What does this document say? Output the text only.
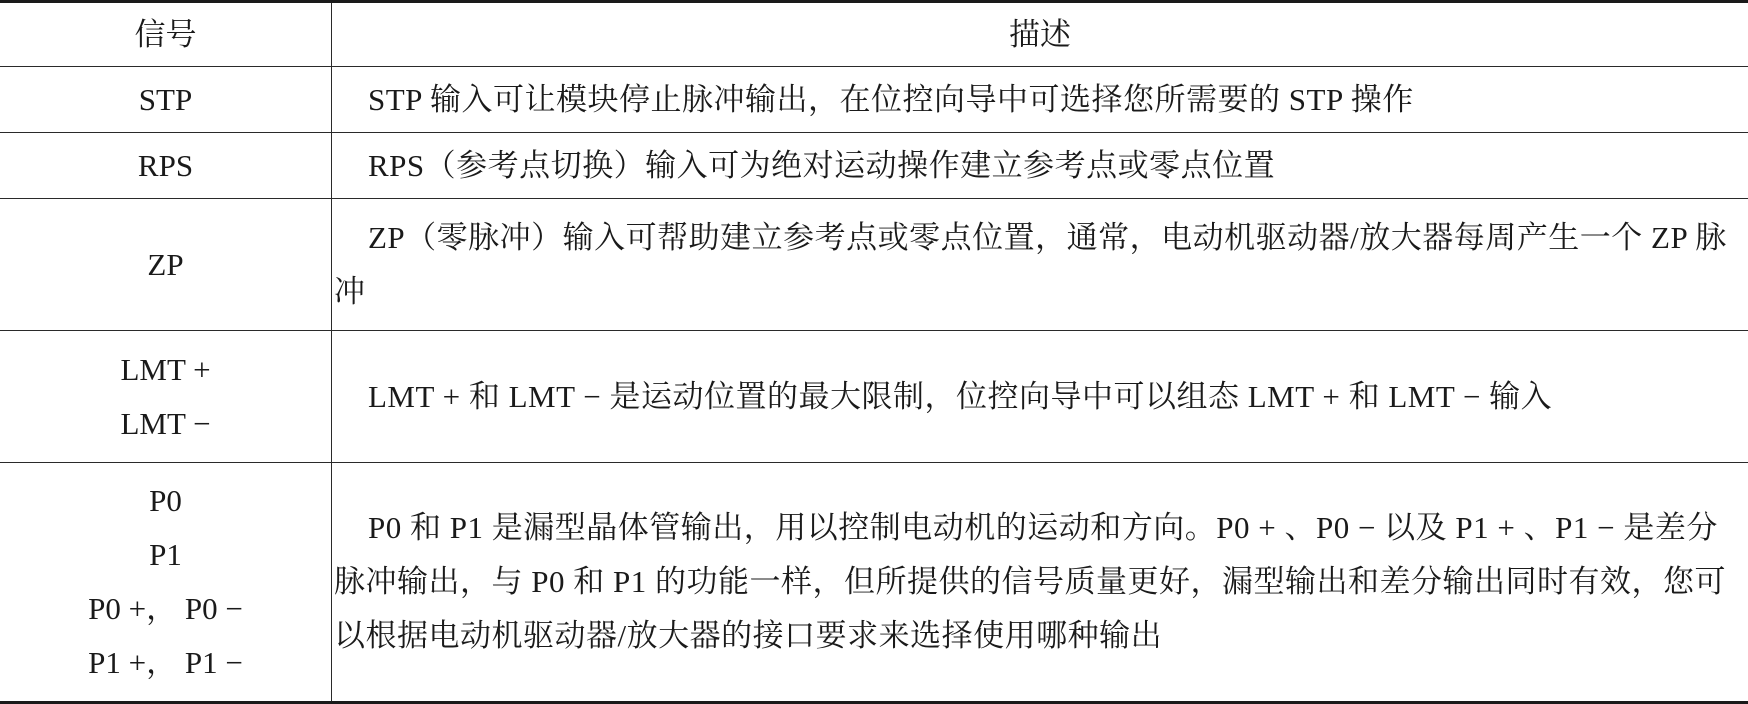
信号	描述

STP	STP 输入可让模块停止脉冲输出，在位控向导中可选择您所需要的 STP 操作

RPS	RPS（参考点切换）输入可为绝对运动操作建立参考点或零点位置

ZP	ZP（零脉冲）输入可帮助建立参考点或零点位置，通常，电动机驱动器/放大器每周产生一个 ZP 脉冲

LMT +
LMT −	LMT + 和 LMT − 是运动位置的最大限制，位控向导中可以组态 LMT + 和 LMT − 输入

P0
P1
P0 +， P0 −
P1 +， P1 −	P0 和 P1 是漏型晶体管输出，用以控制电动机的运动和方向。P0 + 、P0 − 以及 P1 + 、P1 − 是差分脉冲输出，与 P0 和 P1 的功能一样，但所提供的信号质量更好，漏型输出和差分输出同时有效，您可以根据电动机驱动器/放大器的接口要求来选择使用哪种输出
